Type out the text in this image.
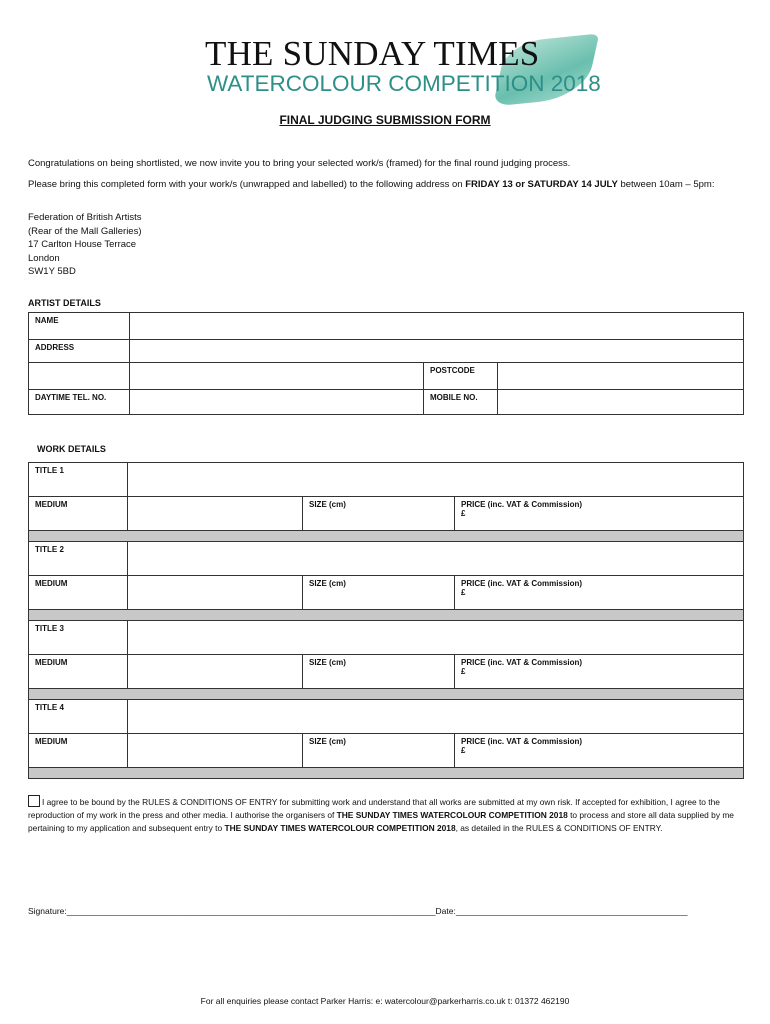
THE SUNDAY TIMES
WATERCOLOUR COMPETITION 2018
FINAL JUDGING SUBMISSION FORM
Congratulations on being shortlisted, we now invite you to bring your selected work/s (framed) for the final round judging process.
Please bring this completed form with your work/s (unwrapped and labelled) to the following address on FRIDAY 13 or SATURDAY 14 JULY between 10am – 5pm:
Federation of British Artists
(Rear of the Mall Galleries)
17 Carlton House Terrace
London
SW1Y 5BD
ARTIST DETAILS
NAME			
ADDRESS			
		POSTCODE	
DAYTIME TEL. NO.		MOBILE NO.	
WORK DETAILS
TITLE 1			
MEDIUM		SIZE (cm)	PRICE (inc. VAT & Commission)
£

TITLE 2			
MEDIUM		SIZE (cm)	PRICE (inc. VAT & Commission)
£

TITLE 3			
MEDIUM		SIZE (cm)	PRICE (inc. VAT & Commission)
£

TITLE 4			
MEDIUM		SIZE (cm)	PRICE (inc. VAT & Commission)
£

I agree to be bound by the RULES & CONDITIONS OF ENTRY for submitting work and understand that all works are submitted at my own risk. If accepted for exhibition, I agree to the reproduction of my work in the press and other media. I authorise the organisers of THE SUNDAY TIMES WATERCOLOUR COMPETITION 2018 to process and store all data supplied by me pertaining to my application and subsequent entry to THE SUNDAY TIMES WATERCOLOUR COMPETITION 2018, as detailed in the RULES & CONDITIONS OF ENTRY.
Signature:______________________________________________________________________________Date:_________________________________________________
For all enquiries please contact Parker Harris: e: watercolour@parkerharris.co.uk t: 01372 462190
